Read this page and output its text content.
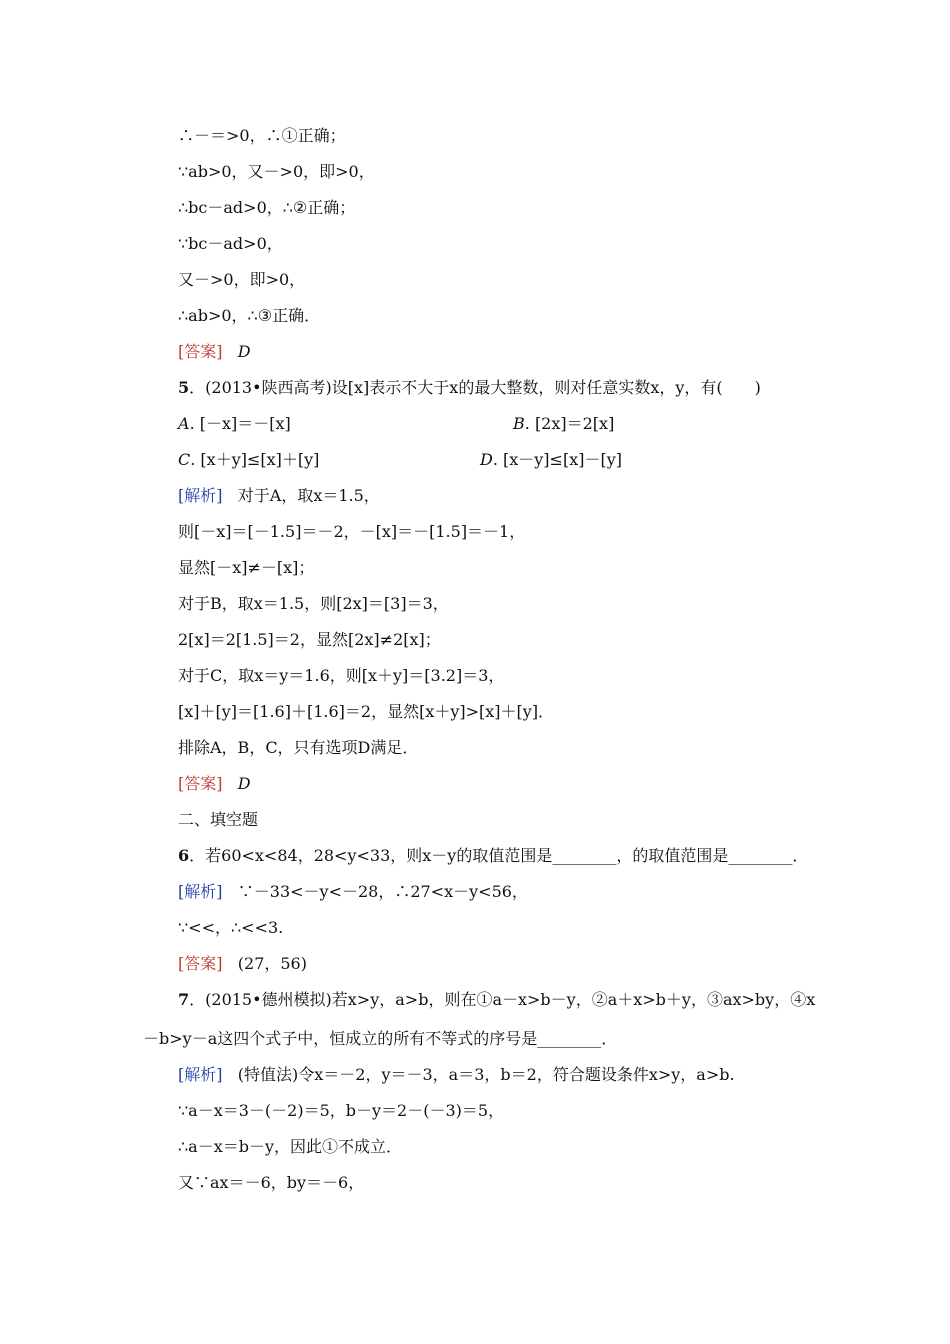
∴－＝>0，∴①正确；
∵ab>0，又－>0，即>0，
∴bc－ad>0，∴②正确；
∵bc－ad>0，
又－>0，即>0，
∴ab>0，∴③正确．
[答案] D
5．(2013•陕西高考)设[x]表示不大于x的最大整数，则对任意实数x，y，有(　　)
A. [－x]＝－[x]	B. [2x]＝2[x]
C. [x＋y]≤[x]＋[y]	D. [x－y]≤[x]－[y]
[解析] 对于A，取x＝1.5，
则[－x]＝[－1.5]＝－2，－[x]＝－[1.5]＝－1，
显然[－x]≠－[x]；
对于B，取x＝1.5，则[2x]＝[3]＝3，
2[x]＝2[1.5]＝2，显然[2x]≠2[x]；
对于C，取x＝y＝1.6，则[x＋y]＝[3.2]＝3，
[x]＋[y]＝[1.6]＋[1.6]＝2，显然[x＋y]>[x]＋[y]．
排除A，B，C，只有选项D满足．
[答案] D
二、填空题
6．若60<x<84，28<y<33，则x－y的取值范围是________，的取值范围是________．
[解析] ∵－33<－y<－28，∴27<x－y<56，
∵<<，∴<<3.
[答案] (27，56)
7．(2015•德州模拟)若x>y，a>b，则在①a－x>b－y，②a＋x>b＋y，③ax>by，④x
－b>y－a这四个式子中，恒成立的所有不等式的序号是________．
[解析] (特值法)令x＝－2，y＝－3，a＝3，b＝2，符合题设条件x>y，a>b.
∵a－x＝3－(－2)＝5，b－y＝2－(－3)＝5，
∴a－x＝b－y，因此①不成立．
又∵ax＝－6，by＝－6，
